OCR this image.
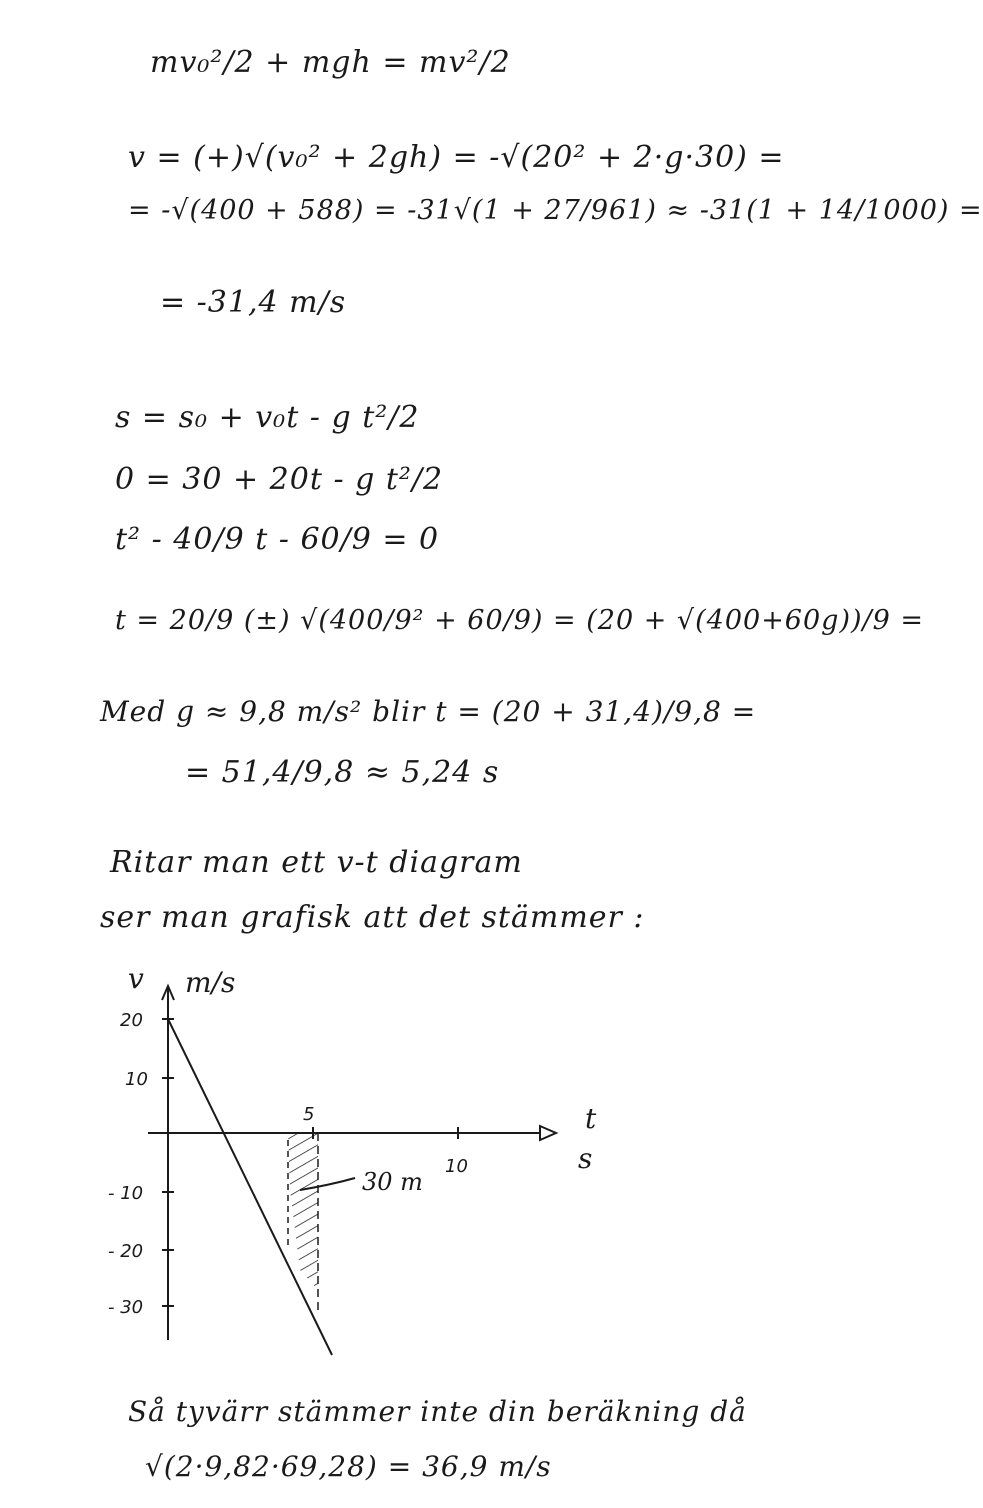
mv₀²/2 + mgh = mv²/2
v = (+)√(v₀² + 2gh) = -√(20² + 2·g·30) =
= -√(400 + 588) = -31√(1 + 27/961) ≈ -31(1 + 14/1000) =
= -31,4 m/s
s = s₀ + v₀t - g t²/2
0 = 30 + 20t - g t²/2
t² - 40/9 t - 60/9 = 0
t = 20/9 (±) √(400/9² + 60/9) = (20 + √(400+60g))/9 =
Med g ≈ 9,8 m/s² blir t = (20 + 31,4)/9,8 =
= 51,4/9,8 ≈ 5,24 s
Ritar man ett v-t diagram
ser man grafisk att det stämmer :
v m/s
t
s
5
10
20
10
- 10
- 20
- 30
30 m
Så tyvärr stämmer inte din beräkning då
√(2·9,82·69,28) = 36,9 m/s
